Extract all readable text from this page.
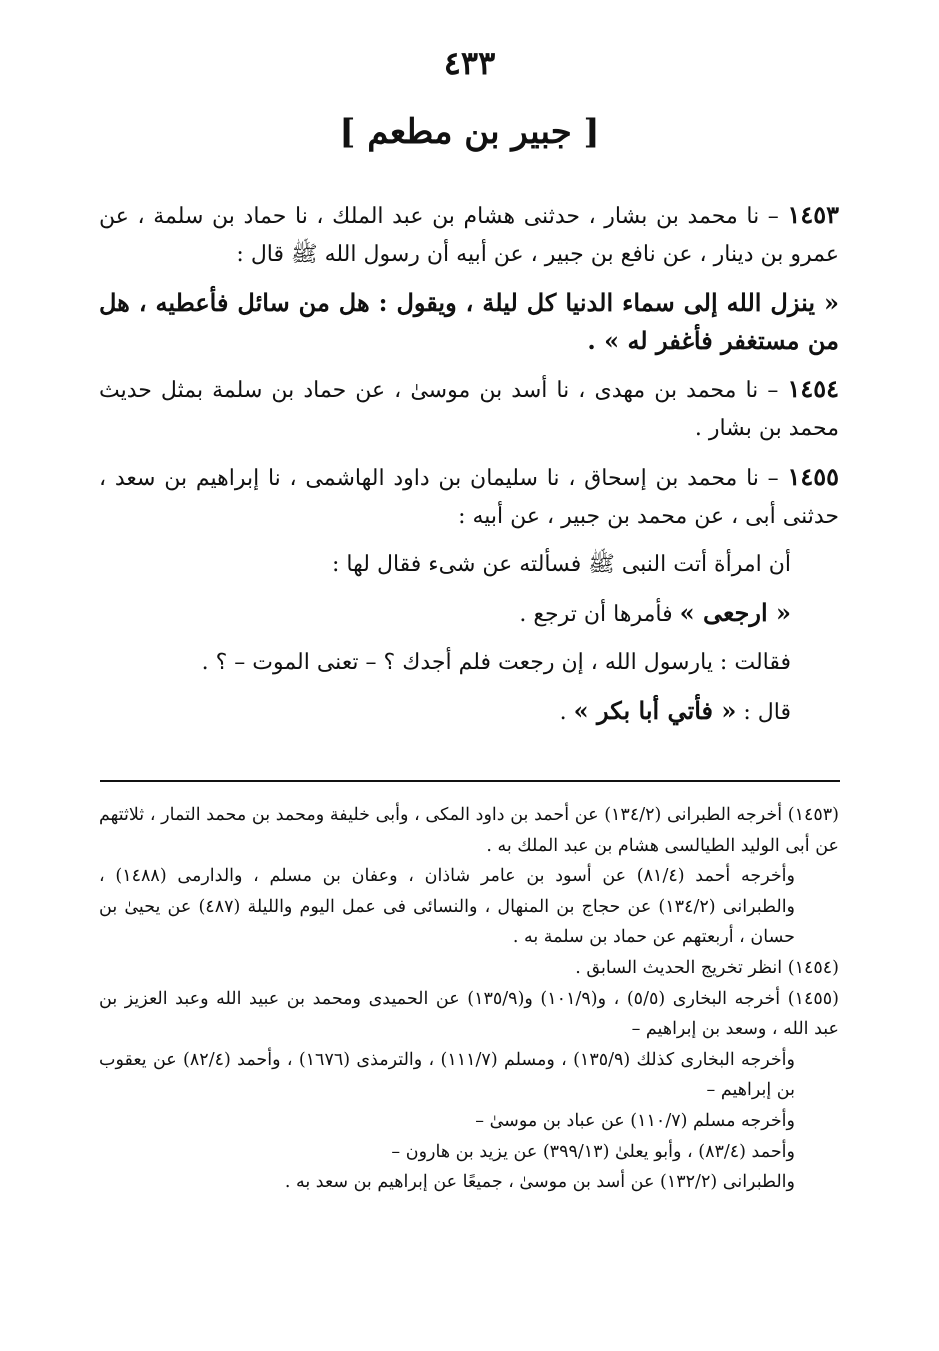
٤٣٣
[ جبير بن مطعم ]

١٤٥٣ – نا محمد بن بشار ، حدثنى هشام بن عبد الملك ، نا حماد بن سلمة ، عن عمرو بن دينار ، عن نافع بن جبير ، عن أبيه أن رسول الله ﷺ قال :

« ينزل الله إلى سماء الدنيا كل ليلة ، ويقول : هل من سائل فأعطيه ، هل من مستغفر فأغفر له » .

١٤٥٤ – نا محمد بن مهدى ، نا أسد بن موسىٰ ، عن حماد بن سلمة بمثل حديث محمد بن بشار .

١٤٥٥ – نا محمد بن إسحاق ، نا سليمان بن داود الهاشمى ، نا إبراهيم بن سعد ، حدثنى أبى ، عن محمد بن جبير ، عن أبيه :

أن امرأة أتت النبى ﷺ فسألته عن شىء فقال لها :

« ارجعى » فأمرها أن ترجع .

فقالت : يارسول الله ، إن رجعت فلم أجدك ؟ – تعنى الموت – ؟ .

قال : « فأتي أبا بكر » .

(١٤٥٣) أخرجه الطبرانى (١٣٤/٢) عن أحمد بن داود المكى ، وأبى خليفة ومحمد بن محمد التمار ، ثلاثتهم عن أبى الوليد الطيالسى هشام بن عبد الملك به .

وأخرجه أحمد (٨١/٤) عن أسود بن عامر شاذان ، وعفان بن مسلم ، والدارمى (١٤٨٨) ، والطبرانى (١٣٤/٢) عن حجاج بن المنهال ، والنسائى فى عمل اليوم والليلة (٤٨٧) عن يحيىٰ بن حسان ، أربعتهم عن حماد بن سلمة به .

(١٤٥٤) انظر تخريج الحديث السابق .

(١٤٥٥) أخرجه البخارى (٥/٥) ، و(١٠١/٩) و(١٣٥/٩) عن الحميدى ومحمد بن عبيد الله وعبد العزيز بن عبد الله ، وسعد بن إبراهيم –

وأخرجه البخارى كذلك (١٣٥/٩) ، ومسلم (١١١/٧) ، والترمذى (١٦٧٦) ، وأحمد (٨٢/٤) عن يعقوب بن إبراهيم –

وأخرجه مسلم (١١٠/٧) عن عباد بن موسىٰ –

وأحمد (٨٣/٤) ، وأبو يعلىٰ (٣٩٩/١٣) عن يزيد بن هارون –

والطبرانى (١٣٢/٢) عن أسد بن موسىٰ ، جميعًا عن إبراهيم بن سعد به .
